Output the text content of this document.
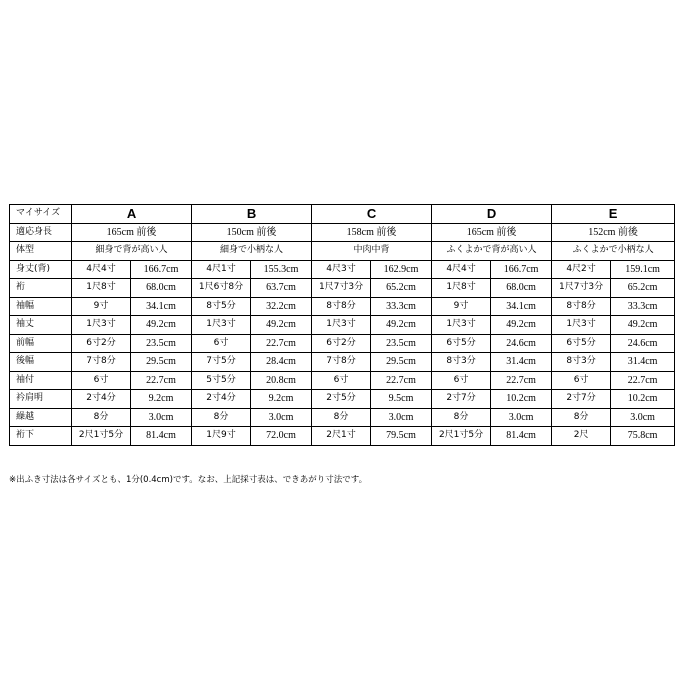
マイサイズ	A		B		C		D		E	
適応身長	165cm 前後		150cm 前後		158cm 前後		165cm 前後		152cm 前後	
体型	細身で背が高い人		細身で小柄な人		中肉中背		ふくよかで背が高い人		ふくよかで小柄な人	
身丈(背)	4尺4寸	166.7cm	4尺1寸	155.3cm	4尺3寸	162.9cm	4尺4寸	166.7cm	4尺2寸	159.1cm
裄	1尺8寸	68.0cm	1尺6寸8分	63.7cm	1尺7寸3分	65.2cm	1尺8寸	68.0cm	1尺7寸3分	65.2cm
袖幅	9寸	34.1cm	8寸5分	32.2cm	8寸8分	33.3cm	9寸	34.1cm	8寸8分	33.3cm
袖丈	1尺3寸	49.2cm	1尺3寸	49.2cm	1尺3寸	49.2cm	1尺3寸	49.2cm	1尺3寸	49.2cm
前幅	6寸2分	23.5cm	6寸	22.7cm	6寸2分	23.5cm	6寸5分	24.6cm	6寸5分	24.6cm
後幅	7寸8分	29.5cm	7寸5分	28.4cm	7寸8分	29.5cm	8寸3分	31.4cm	8寸3分	31.4cm
袖付	6寸	22.7cm	5寸5分	20.8cm	6寸	22.7cm	6寸	22.7cm	6寸	22.7cm
衿肩明	2寸4分	9.2cm	2寸4分	9.2cm	2寸5分	9.5cm	2寸7分	10.2cm	2寸7分	10.2cm
繰越	8分	3.0cm	8分	3.0cm	8分	3.0cm	8分	3.0cm	8分	3.0cm
裄下	2尺1寸5分	81.4cm	1尺9寸	72.0cm	2尺1寸	79.5cm	2尺1寸5分	81.4cm	2尺	75.8cm
※出ふき寸法は各サイズとも、1分(0.4cm)です。なお、上記採寸表は、できあがり寸法です。
